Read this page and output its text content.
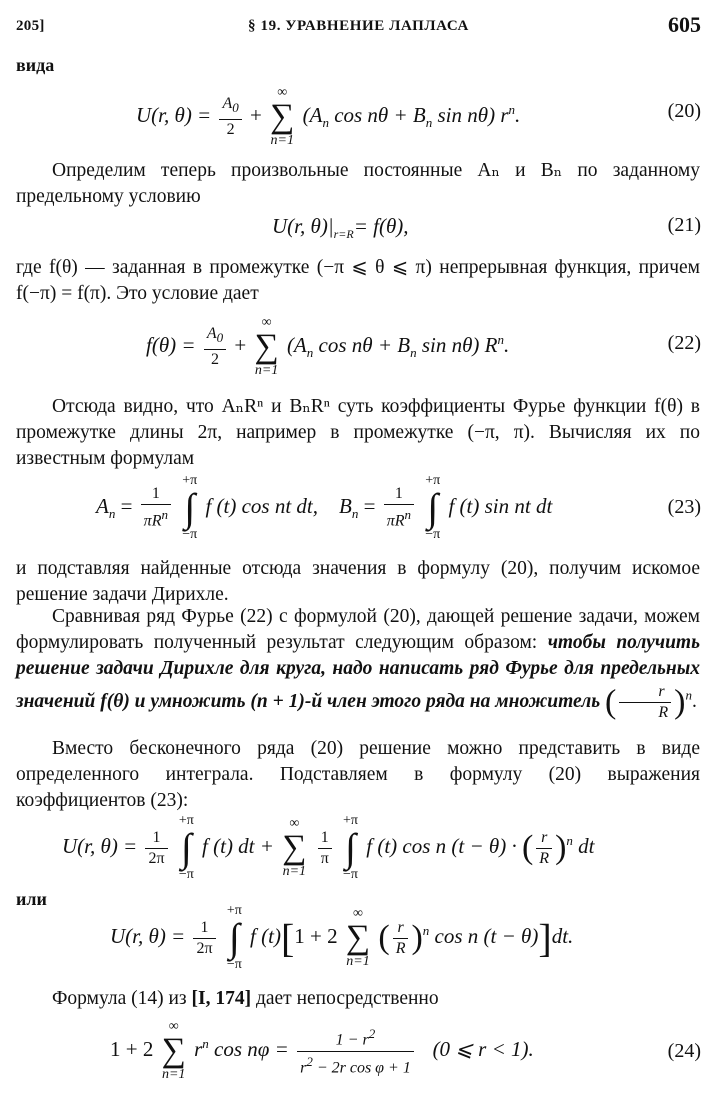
205]	§ 19. УРАВНЕНИЕ ЛАПЛАСА	605
вида
U(r, $\theta) = \frac{A_0}{2}$ +
∞
∑
n=1
($A_n$ $\cos n\theta + B_n$ sin nθ) $r^n$.	(20)
Определим теперь произвольные постоянные Aₙ и Bₙ по заданному предельному условию
U(r, $\theta)|_{r=R}= f(\theta)$,	(21)
где f(θ) — заданная в промежутке (−π ⩽ θ ⩽ π) непрерывная функция, причем f(−π) = f(π). Это условие дает
$f(\theta) = \frac{A_0}{2}$ +
∞
∑
n=1
($A_n$ $\cos n\theta + B_n$ sin nθ) $R^n$.	(22)
Отсюда видно, что AₙRⁿ и BₙRⁿ суть коэффициенты Фурье функции f(θ) в промежутке длины 2π, например в промежутке (−π, π). Вычисляя их по известным формулам
$A_n = \frac{1}{\pi R^n}$

+π
∫
−π
f (t) cos nt dt, $B_n = \frac{1}{\pi R^n}$

+π
∫
−π
f (t) sin nt dt	(23)
и подставляя найденные отсюда значения в формулу (20), получим искомое решение задачи Дирихле.
Сравнивая ряд Фурье (22) с формулой (20), дающей решение задачи, можем формулировать полученный результат следующим образом: чтобы получить решение задачи Дирихле для круга, надо написать ряд Фурье для предельных значений f(θ) и умножить (n + 1)-й член этого ряда на множитель ( $\frac{r}{R} )^n$.
Вместо бесконечного ряда (20) решение можно представить в виде определенного интеграла. Подставляем в формулу (20) выражения коэффициентов (23):
U(r, $\theta) = \frac{1}{2\pi}$

+π
∫
−π
f (t) dt +
∞
∑
n=1

$\frac{1}{\pi}$

+π
∫
−π
f (t) cos n (t − θ) · ( $\frac{r}{R} )^n$ dt
или
U(r, $\theta) = \frac{1}{2\pi}$

+π
∫
−π
f (t)[1 + 2
∞
∑
n=1
( $\frac{r}{R} )^n$ cos n (t − θ)]dt.
Формула (14) из [I, 174] дает непосредственно
1 + 2
∞
∑
n=1
$r^n$ $\cos n\varphi = \frac{1 - r^2}{r^2 - 2r \cos \varphi + 1} (0$ ⩽ r < 1).	(24)
